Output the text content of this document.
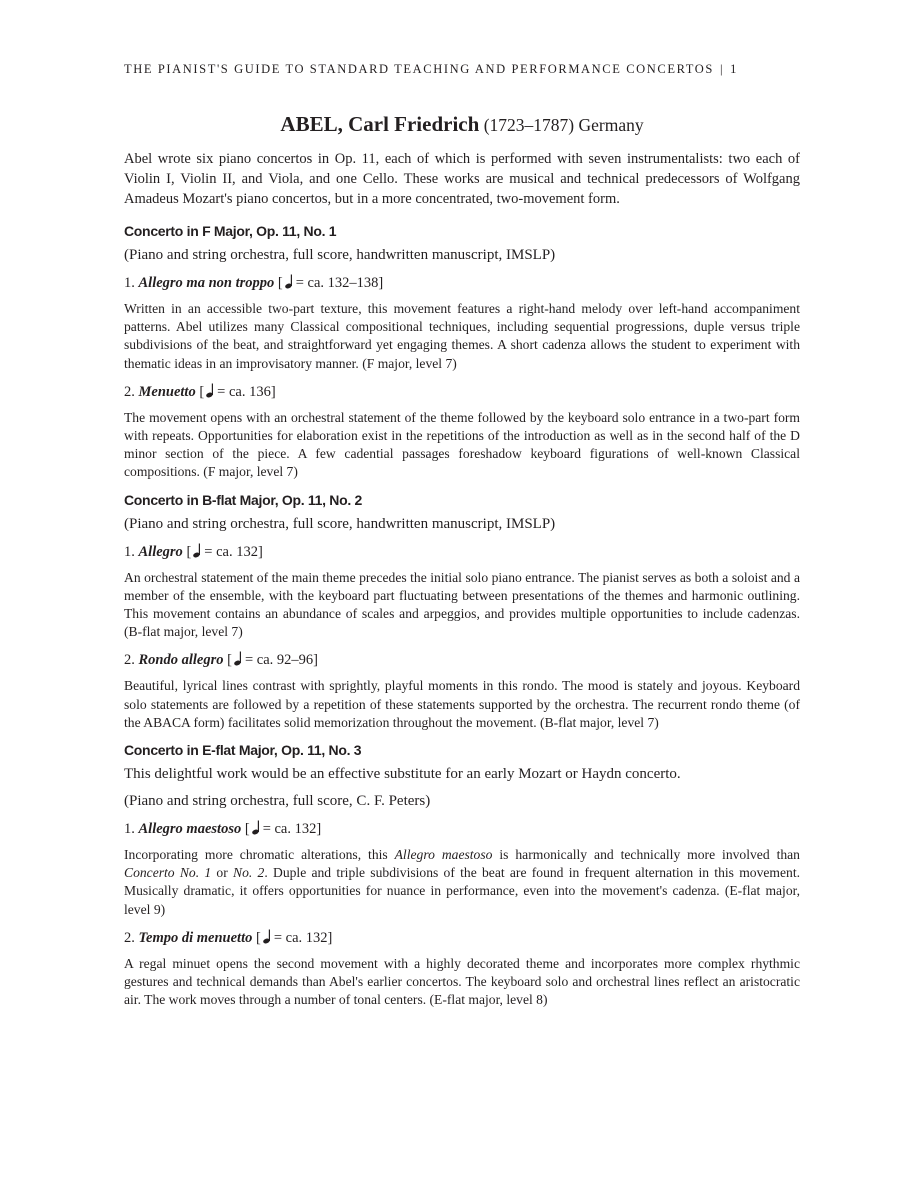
THE PIANIST'S GUIDE TO STANDARD TEACHING AND PERFORMANCE CONCERTOS | 1
ABEL, Carl Friedrich (1723–1787) Germany

Abel wrote six piano concertos in Op. 11, each of which is performed with seven instrumentalists: two each of Violin I, Violin II, and Viola, and one Cello. These works are musical and technical predecessors of Wolfgang Amadeus Mozart's piano concertos, but in a more concentrated, two-movement form.

Concerto in F Major, Op. 11, No. 1
(Piano and string orchestra, full score, handwritten manuscript, IMSLP)
1. Allegro ma non troppo [ = ca. 132–138]

Written in an accessible two-part texture, this movement features a right-hand melody over left-hand accompaniment patterns. Abel utilizes many Classical compositional techniques, including sequential progressions, duple versus triple subdivisions of the beat, and straightforward yet engaging themes. A short cadenza allows the student to experiment with thematic ideas in an improvisatory manner. (F major, level 7)

2. Menuetto [ = ca. 136]

The movement opens with an orchestral statement of the theme followed by the keyboard solo entrance in a two-part form with repeats. Opportunities for elaboration exist in the repetitions of the introduction as well as in the second half of the D minor section of the piece. A few cadential passages foreshadow keyboard figurations of well-known Classical compositions. (F major, level 7)

Concerto in B-flat Major, Op. 11, No. 2
(Piano and string orchestra, full score, handwritten manuscript, IMSLP)
1. Allegro [ = ca. 132]

An orchestral statement of the main theme precedes the initial solo piano entrance. The pianist serves as both a soloist and a member of the ensemble, with the keyboard part fluctuating between presentations of the themes and harmonic outlining. This movement contains an abundance of scales and arpeggios, and provides multiple opportunities to include cadenzas. (B-flat major, level 7)

2. Rondo allegro [ = ca. 92–96]

Beautiful, lyrical lines contrast with sprightly, playful moments in this rondo. The mood is stately and joyous. Keyboard solo statements are followed by a repetition of these statements supported by the orchestra. The recurrent rondo theme (of the ABACA form) facilitates solid memorization throughout the movement. (B-flat major, level 7)

Concerto in E-flat Major, Op. 11, No. 3
This delightful work would be an effective substitute for an early Mozart or Haydn concerto.
(Piano and string orchestra, full score, C. F. Peters)
1. Allegro maestoso [ = ca. 132]

Incorporating more chromatic alterations, this Allegro maestoso is harmonically and technically more involved than Concerto No. 1 or No. 2. Duple and triple subdivisions of the beat are found in frequent alternation in this movement. Musically dramatic, it offers opportunities for nuance in performance, even into the movement's cadenza. (E-flat major, level 9)

2. Tempo di menuetto [ = ca. 132]

A regal minuet opens the second movement with a highly decorated theme and incorporates more complex rhythmic gestures and technical demands than Abel's earlier concertos. The keyboard solo and orchestral lines reflect an aristocratic air. The work moves through a number of tonal centers. (E-flat major, level 8)
